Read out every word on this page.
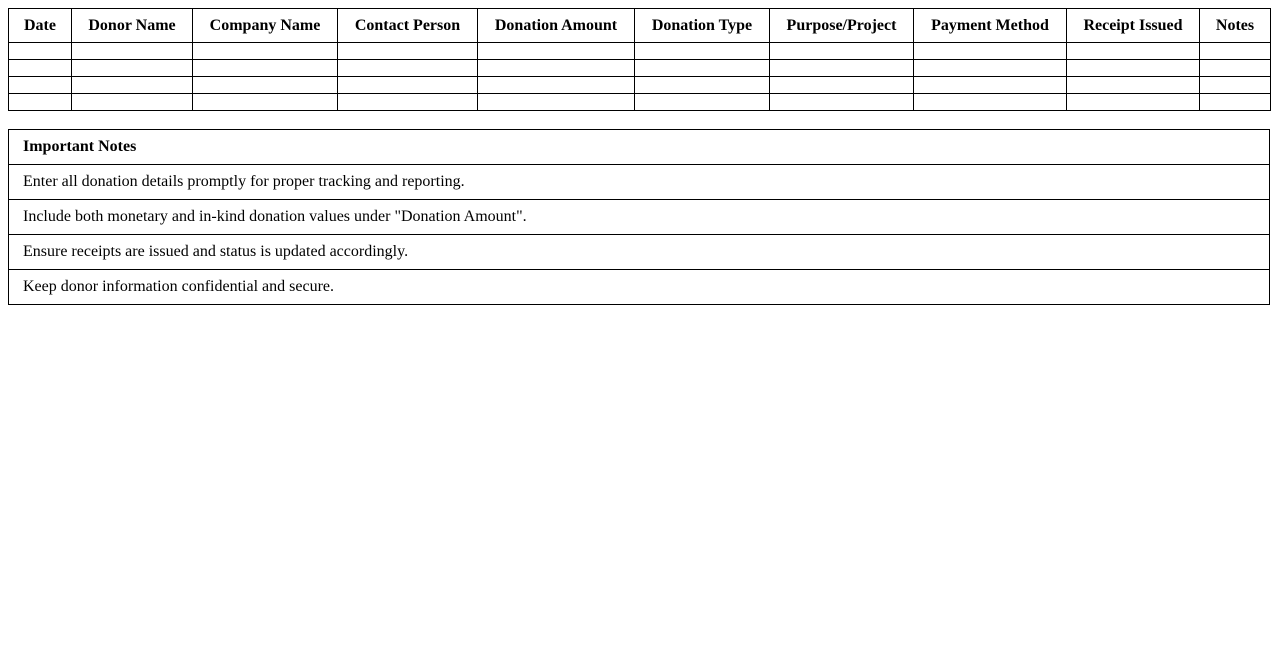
Date	Donor Name	Company Name	Contact Person	Donation Amount	Donation Type	Purpose/Project	Payment Method	Receipt Issued	Notes

Important Notes
Enter all donation details promptly for proper tracking and reporting.
Include both monetary and in-kind donation values under "Donation Amount".
Ensure receipts are issued and status is updated accordingly.
Keep donor information confidential and secure.
